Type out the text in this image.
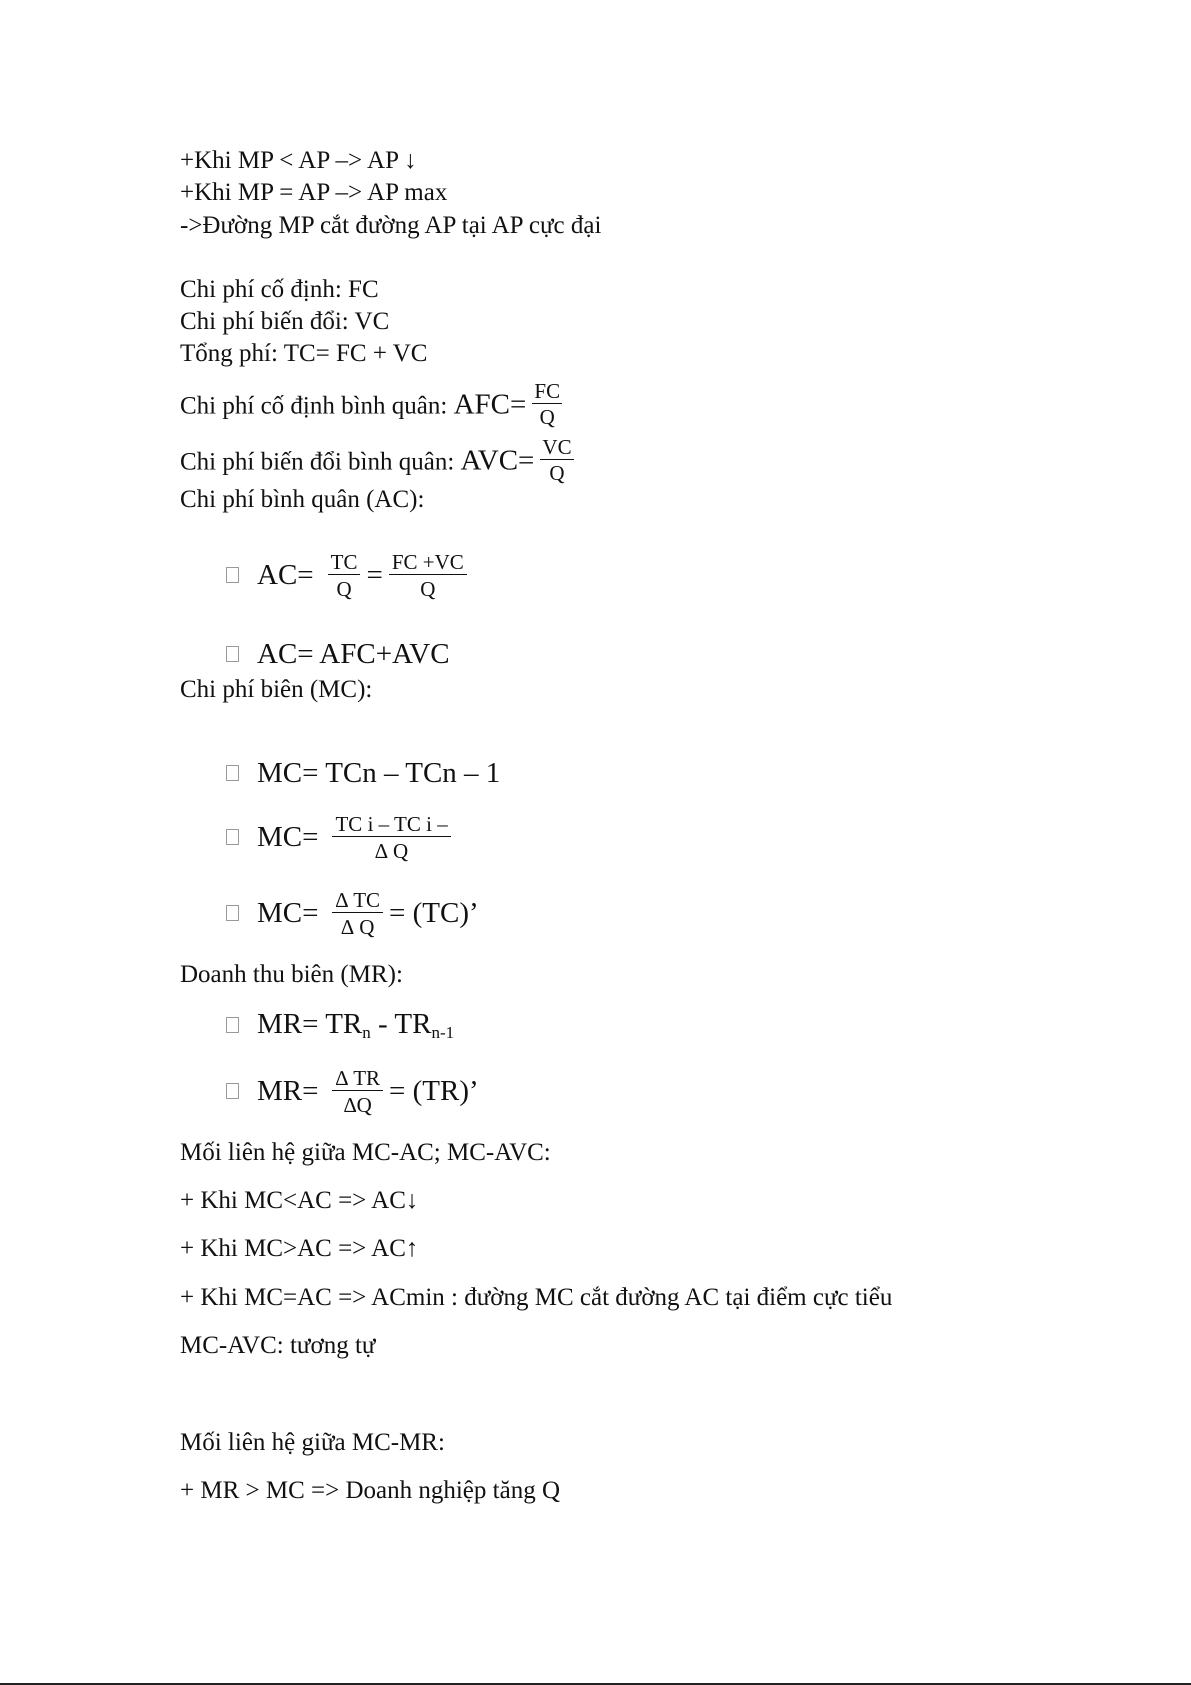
+Khi MP < AP –> AP ↓
+Khi MP = AP –> AP max
->Đường MP cắt đường AP tại AP cực đại
Chi phí cố định: FC
Chi phí biến đổi: VC
Tổng phí: TC= FC + VC
Chi phí cố định bình quân: $AFC= \frac{FC}{Q}$
Chi phí biến đổi bình quân: $AVC= \frac{VC}{Q}$
Chi phí bình quân (AC):
$AC= \frac{TC}{Q} = \frac{FC +VC}{Q}$
AC= AFC+AVC
Chi phí biên (MC):
MC= TCn – TCn – 1
$MC= \frac{\text{TC i – TC i –}}{\Delta Q}$
$MC= \frac{\Delta TC}{\Delta Q} = (TC)$’
Doanh thu biên (MR):
$MR= TR_n - TR_{n-1}$
$MR= \frac{\Delta TR}{\Delta Q} = (TR)$’
Mối liên hệ giữa MC-AC; MC-AVC:
+ Khi MC<AC => AC↓
+ Khi MC>AC => AC↑
+ Khi MC=AC => ACmin : đường MC cắt đường AC tại điểm cực tiểu
MC-AVC: tương tự
Mối liên hệ giữa MC-MR:
+ MR > MC => Doanh nghiệp tăng Q
